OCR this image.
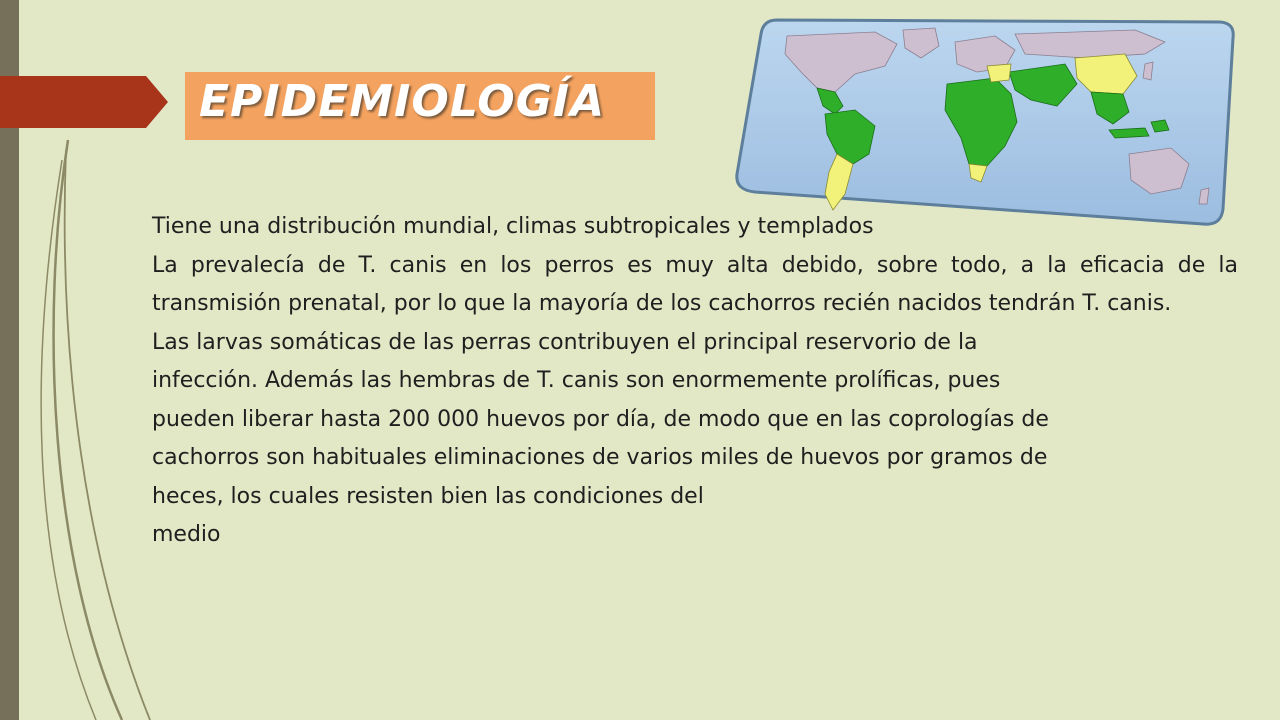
EPIDEMIOLOGÍA

Tiene una distribución mundial, climas subtropicales y templados

La prevalecía de T. canis en los perros es muy alta debido, sobre todo, a la eficacia de la transmisión prenatal, por lo que la mayoría de los cachorros recién nacidos tendrán T. canis.

Las larvas somáticas de las perras contribuyen el principal reservorio de la

infección. Además las hembras de T. canis son enormemente prolíficas, pues

pueden liberar hasta 200 000 huevos por día, de modo que en las coprologías de

cachorros son habituales eliminaciones de varios miles de huevos por gramos de

heces, los cuales resisten bien las condiciones del

medio
